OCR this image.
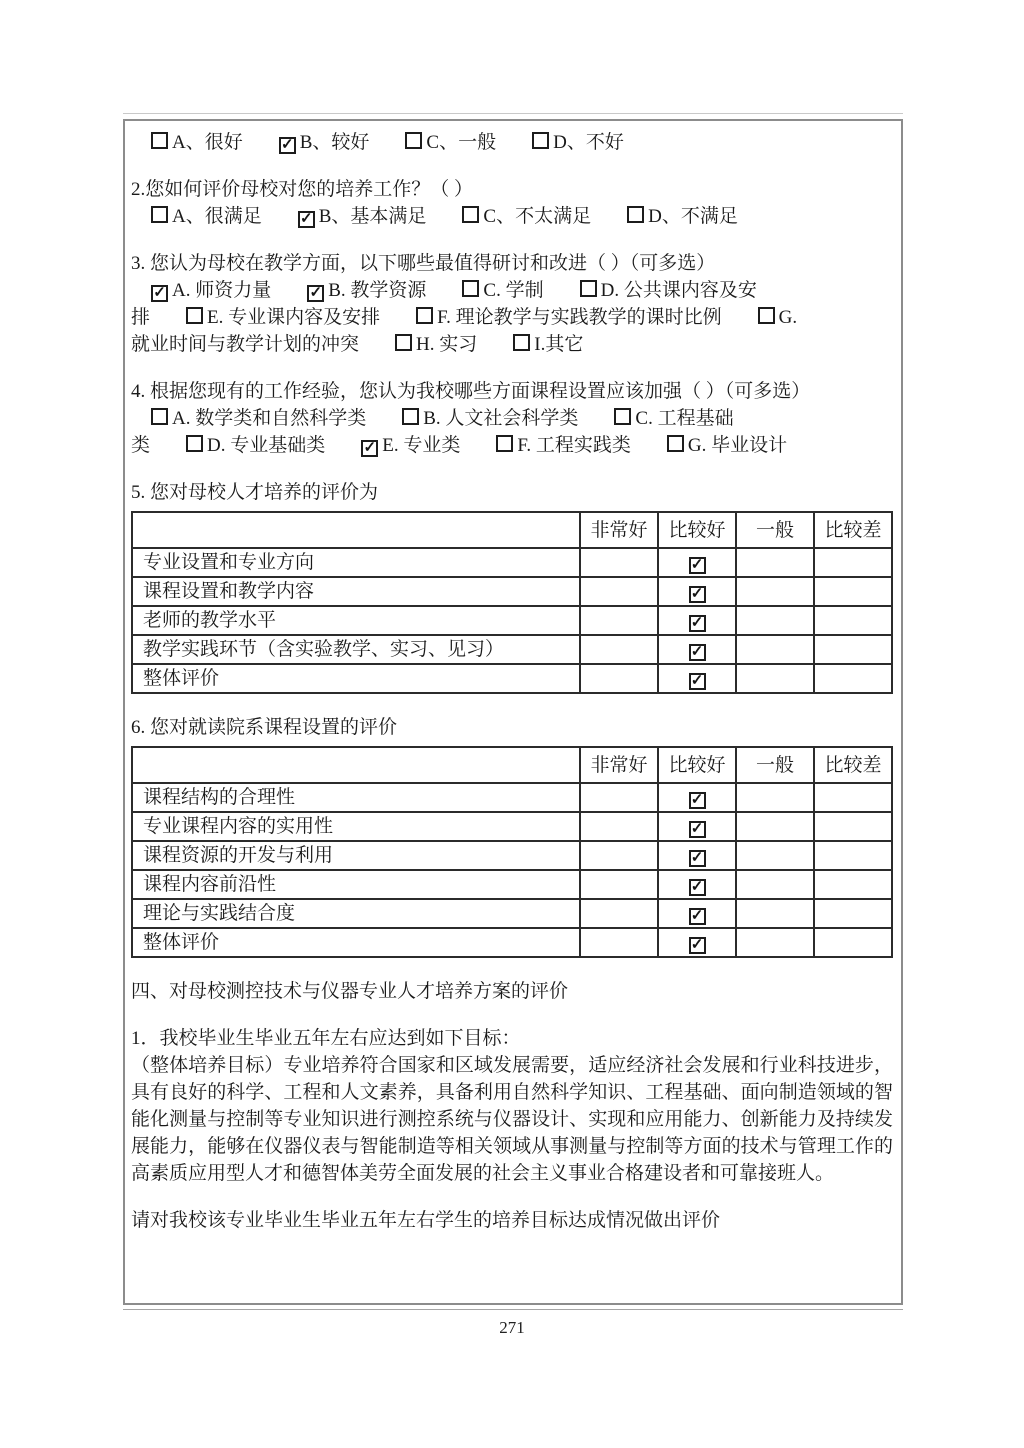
A、很好	✓ B、较好	C、一般	D、不好
2.您如何评价母校对您的培养工作？（ ）
A、很满足	✓ B、基本满足	C、不太满足	D、不满足
3. 您认为母校在教学方面，以下哪些最值得研讨和改进（ ）（可多选）
✓ A. 师资力量	✓ B. 教学资源	C. 学制	D. 公共课内容及安
排	E. 专业课内容及安排	F. 理论教学与实践教学的课时比例	G.
就业时间与教学计划的冲突	H. 实习	I.其它
4. 根据您现有的工作经验，您认为我校哪些方面课程设置应该加强（ ）（可多选）
A. 数学类和自然科学类	B. 人文社会科学类	C. 工程基础
类	D. 专业基础类	✓ E. 专业类	F. 工程实践类	G. 毕业设计
5. 您对母校人才培养的评价为
	非常好	比较好	一般	比较差
专业设置和专业方向		✓		
课程设置和教学内容		✓		
老师的教学水平		✓		
教学实践环节（含实验教学、实习、见习）		✓		
整体评价		✓		
6. 您对就读院系课程设置的评价
	非常好	比较好	一般	比较差
课程结构的合理性		✓		
专业课程内容的实用性		✓		
课程资源的开发与利用		✓		
课程内容前沿性		✓		
理论与实践结合度		✓		
整体评价		✓		
四、对母校测控技术与仪器专业人才培养方案的评价
1．我校毕业生毕业五年左右应达到如下目标：
（整体培养目标）专业培养符合国家和区域发展需要，适应经济社会发展和行业科技进步，具有良好的科学、工程和人文素养，具备利用自然科学知识、工程基础、面向制造领域的智能化测量与控制等专业知识进行测控系统与仪器设计、实现和应用能力、创新能力及持续发展能力，能够在仪器仪表与智能制造等相关领域从事测量与控制等方面的技术与管理工作的高素质应用型人才和德智体美劳全面发展的社会主义事业合格建设者和可靠接班人。
请对我校该专业毕业生毕业五年左右学生的培养目标达成情况做出评价
271
